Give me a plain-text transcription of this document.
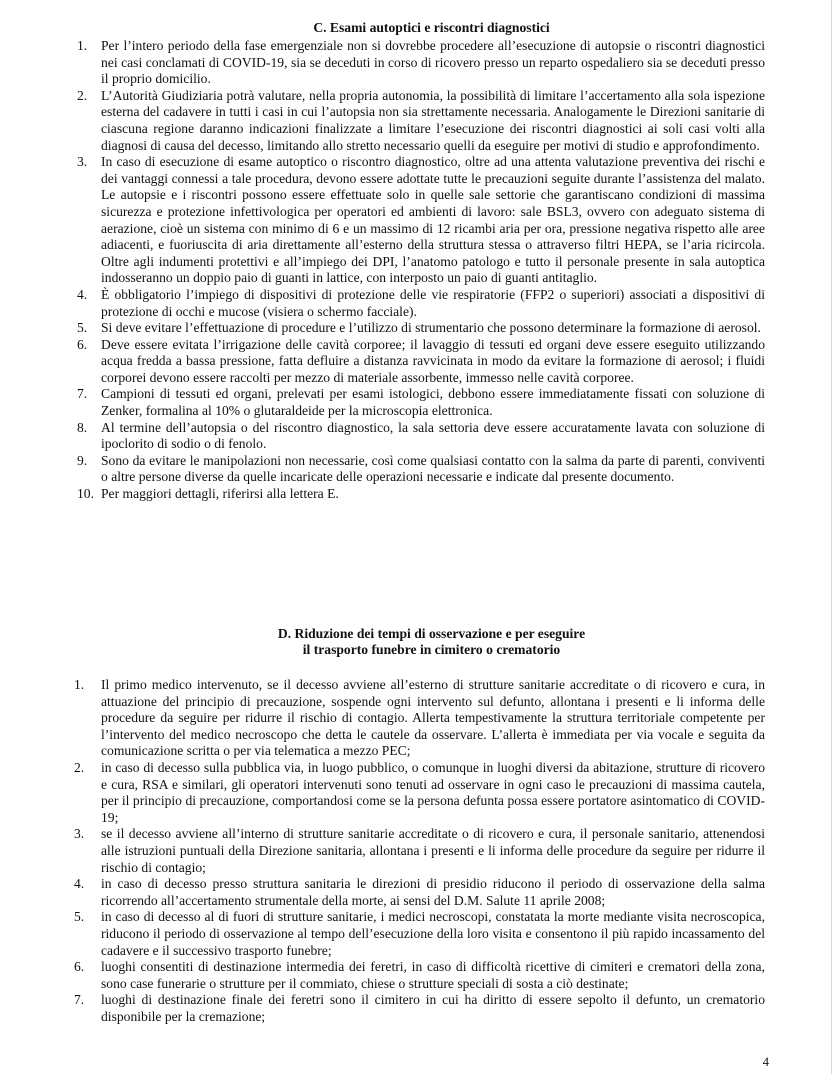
C. Esami autoptici e riscontri diagnostici
1.	Per l’intero periodo della fase emergenziale non si dovrebbe procedere all’esecuzione di autopsie o riscontri diagnostici nei casi conclamati di COVID-19, sia se deceduti in corso di ricovero presso un reparto ospedaliero sia se deceduti presso il proprio domicilio.
2.	L’Autorità Giudiziaria potrà valutare, nella propria autonomia, la possibilità di limitare l’accertamento alla sola ispezione esterna del cadavere in tutti i casi in cui l’autopsia non sia strettamente necessaria. Analogamente le Direzioni sanitarie di ciascuna regione daranno indicazioni finalizzate a limitare l’esecuzione dei riscontri diagnostici ai soli casi volti alla diagnosi di causa del decesso, limitando allo stretto necessario quelli da eseguire per motivi di studio e approfondimento.
3.	In caso di esecuzione di esame autoptico o riscontro diagnostico, oltre ad una attenta valutazione preventiva dei rischi e dei vantaggi connessi a tale procedura, devono essere adottate tutte le precauzioni seguite durante l’assistenza del malato. Le autopsie e i riscontri possono essere effettuate solo in quelle sale settorie che garantiscano condizioni di massima sicurezza e protezione infettivologica per operatori ed ambienti di lavoro: sale BSL3, ovvero con adeguato sistema di aerazione, cioè un sistema con minimo di 6 e un massimo di 12 ricambi aria per ora, pressione negativa rispetto alle aree adiacenti, e fuoriuscita di aria direttamente all’esterno della struttura stessa o attraverso filtri HEPA, se l’aria ricircola. Oltre agli indumenti protettivi e all’impiego dei DPI, l’anatomo patologo e tutto il personale presente in sala autoptica indosseranno un doppio paio di guanti in lattice, con interposto un paio di guanti antitaglio.
4.	È obbligatorio l’impiego di dispositivi di protezione delle vie respiratorie (FFP2 o superiori) associati a dispositivi di protezione di occhi e mucose (visiera o schermo facciale).
5.	Si deve evitare l’effettuazione di procedure e l’utilizzo di strumentario che possono determinare la formazione di aerosol.
6.	Deve essere evitata l’irrigazione delle cavità corporee; il lavaggio di tessuti ed organi deve essere eseguito utilizzando acqua fredda a bassa pressione, fatta defluire a distanza ravvicinata in modo da evitare la formazione di aerosol; i fluidi corporei devono essere raccolti per mezzo di materiale assorbente, immesso nelle cavità corporee.
7.	Campioni di tessuti ed organi, prelevati per esami istologici, debbono essere immediatamente fissati con soluzione di Zenker, formalina al 10% o glutaraldeide per la microscopia elettronica.
8.	Al termine dell’autopsia o del riscontro diagnostico, la sala settoria deve essere accuratamente lavata con soluzione di ipoclorito di sodio o di fenolo.
9.	Sono da evitare le manipolazioni non necessarie, così come qualsiasi contatto con la salma da parte di parenti, conviventi o altre persone diverse da quelle incaricate delle operazioni necessarie e indicate dal presente documento.
10. Per maggiori dettagli, riferirsi alla lettera E.
D. Riduzione dei tempi di osservazione e per eseguire
il trasporto funebre in cimitero o crematorio
1.	Il primo medico intervenuto, se il decesso avviene all’esterno di strutture sanitarie accreditate o di ricovero e cura, in attuazione del principio di precauzione, sospende ogni intervento sul defunto, allontana i presenti e li informa delle procedure da seguire per ridurre il rischio di contagio. Allerta tempestivamente la struttura territoriale competente per l’intervento del medico necroscopo che detta le cautele da osservare. L’allerta è immediata per via vocale e seguita da comunicazione scritta o per via telematica a mezzo PEC;
2.	in caso di decesso sulla pubblica via, in luogo pubblico, o comunque in luoghi diversi da abitazione, strutture di ricovero e cura, RSA e similari, gli operatori intervenuti sono tenuti ad osservare in ogni caso le precauzioni di massima cautela, per il principio di precauzione, comportandosi come se la persona defunta possa essere portatore asintomatico di COVID-19;
3.	se il decesso avviene all’interno di strutture sanitarie accreditate o di ricovero e cura, il personale sanitario, attenendosi alle istruzioni puntuali della Direzione sanitaria, allontana i presenti e li informa delle procedure da seguire per ridurre il rischio di contagio;
4.	in caso di decesso presso struttura sanitaria le direzioni di presidio riducono il periodo di osservazione della salma ricorrendo all’accertamento strumentale della morte, ai sensi del D.M. Salute 11 aprile 2008;
5.	in caso di decesso al di fuori di strutture sanitarie, i medici necroscopi, constatata la morte mediante visita necroscopica, riducono il periodo di osservazione al tempo dell’esecuzione della loro visita e consentono il più rapido incassamento del cadavere e il successivo trasporto funebre;
6.	luoghi consentiti di destinazione intermedia dei feretri, in caso di difficoltà ricettive di cimiteri e crematori della zona, sono case funerarie o strutture per il commiato, chiese o strutture speciali di sosta a ciò destinate;
7.	luoghi di destinazione finale dei feretri sono il cimitero in cui ha diritto di essere sepolto il defunto, un crematorio disponibile per la cremazione;
4
